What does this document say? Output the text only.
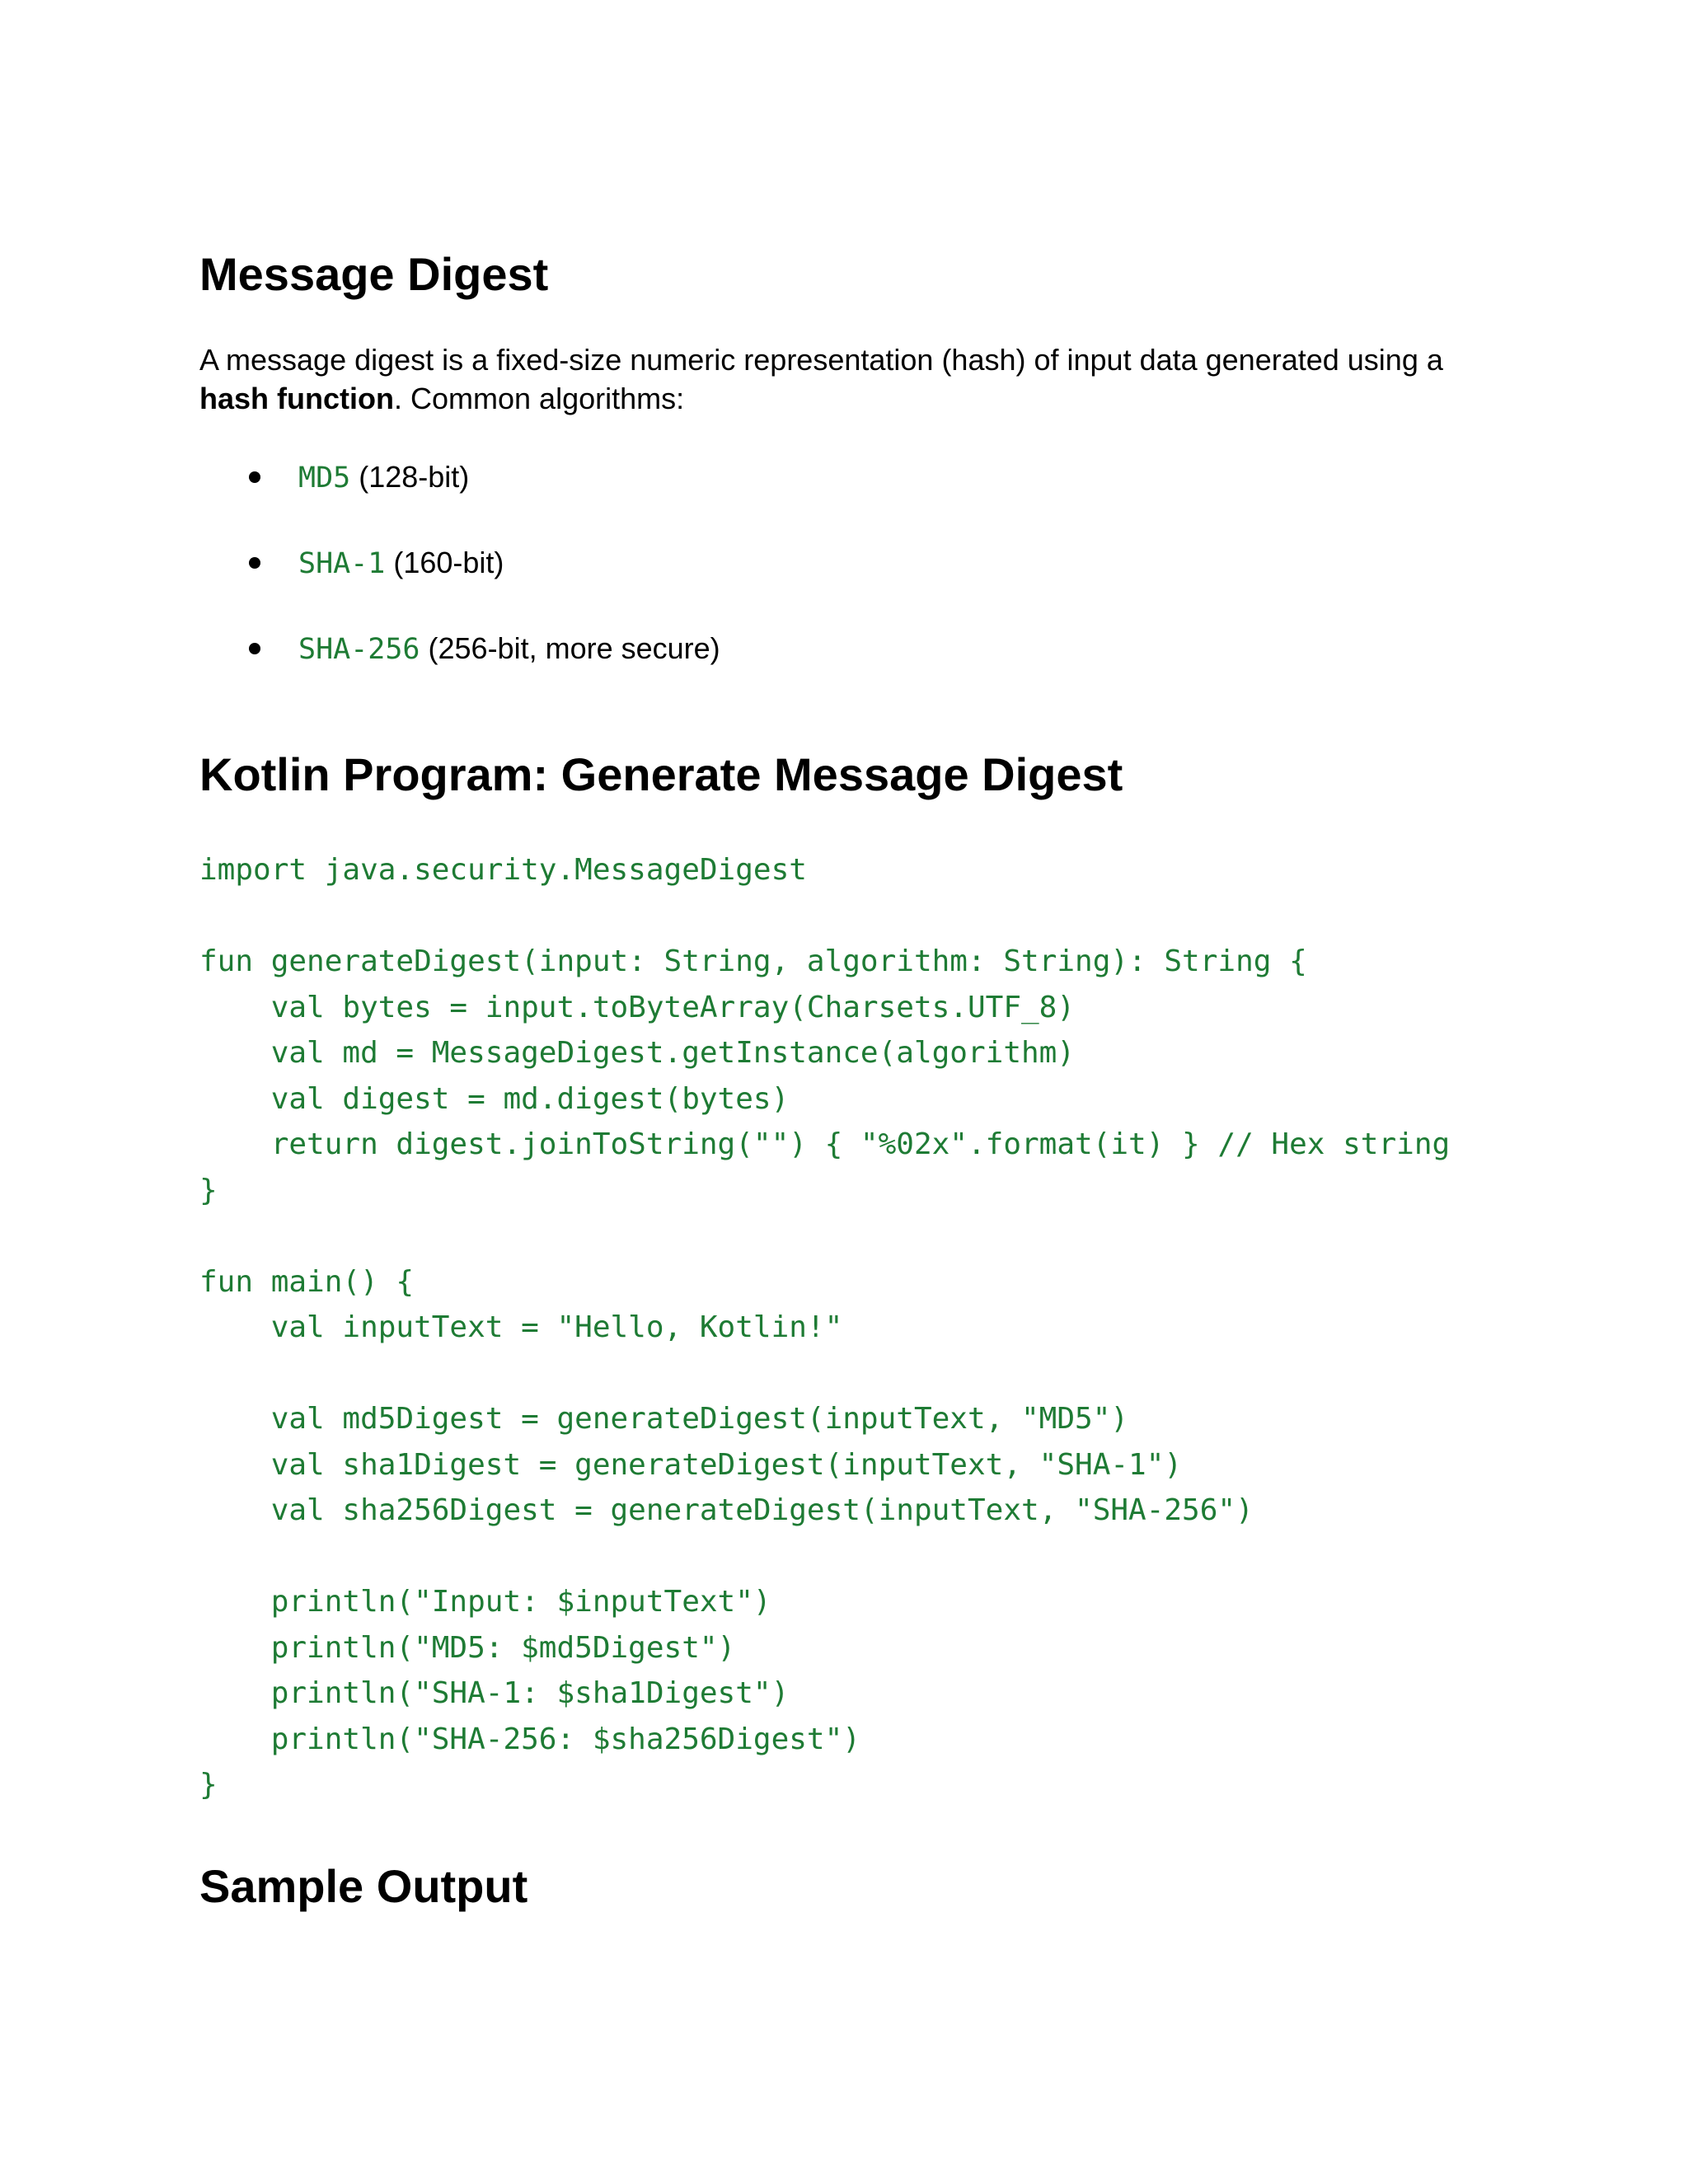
Message Digest

A message digest is a fixed-size numeric representation (hash) of input data generated using a hash function. Common algorithms:

MD5 (128-bit)
SHA-1 (160-bit)
SHA-256 (256-bit, more secure)
Kotlin Program: Generate Message Digest
import java.security.MessageDigest
fun generateDigest(input: String, algorithm: String): String {
val bytes = input.toByteArray(Charsets.UTF_8)
val md = MessageDigest.getInstance(algorithm)
val digest = md.digest(bytes)
return digest.joinToString("") { "%02x".format(it) } // Hex string
}
fun main() {
val inputText = "Hello, Kotlin!"
val md5Digest = generateDigest(inputText, "MD5")
val sha1Digest = generateDigest(inputText, "SHA-1")
val sha256Digest = generateDigest(inputText, "SHA-256")
println("Input: $inputText")
println("MD5: $md5Digest")
println("SHA-1: $sha1Digest")
println("SHA-256: $sha256Digest")
}
Sample Output
